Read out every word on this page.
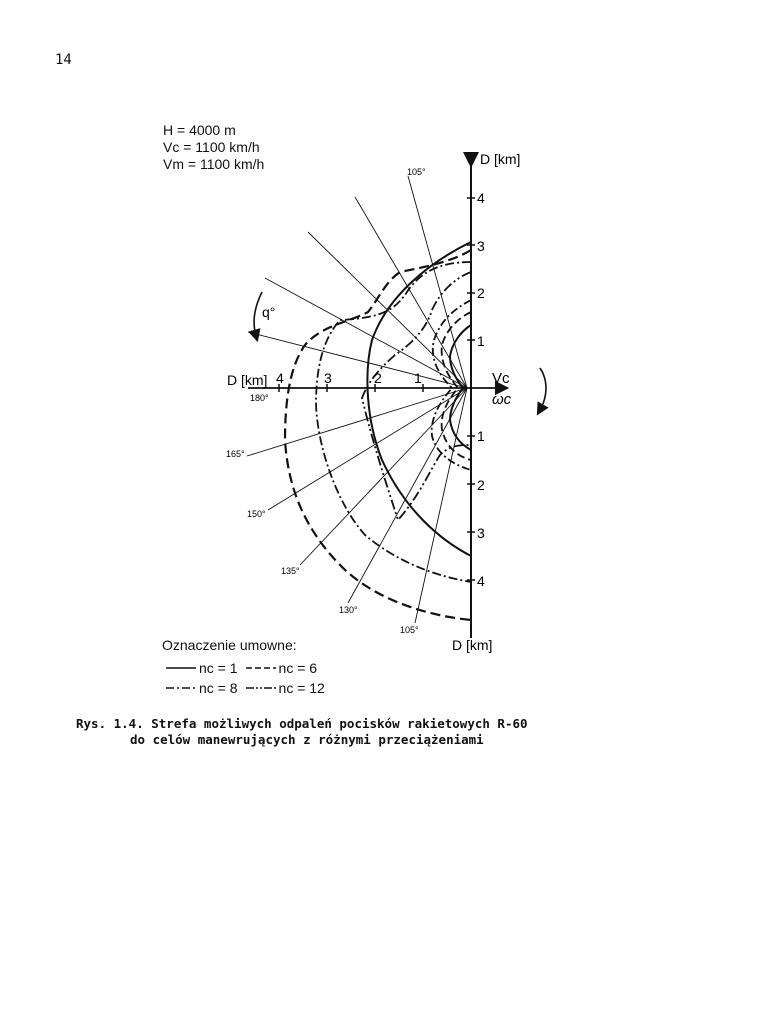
14
H = 4000 m
Vc = 1100 km/h
Vm = 1100 km/h	D [km]
D [km]
D [km]	Vc
ωc
q°
1
2
3
4
1
2
3
4
1
2
3
4
105°
180°
165°
150°
135°
130°
105°
Oznaczenie umowne:
nc = 1	nc = 6
nc = 8	nc = 12
Rys. 1.4. Strefa możliwych odpaleń pocisków rakietowych R-60
do celów manewrujących z różnymi przeciążeniami
